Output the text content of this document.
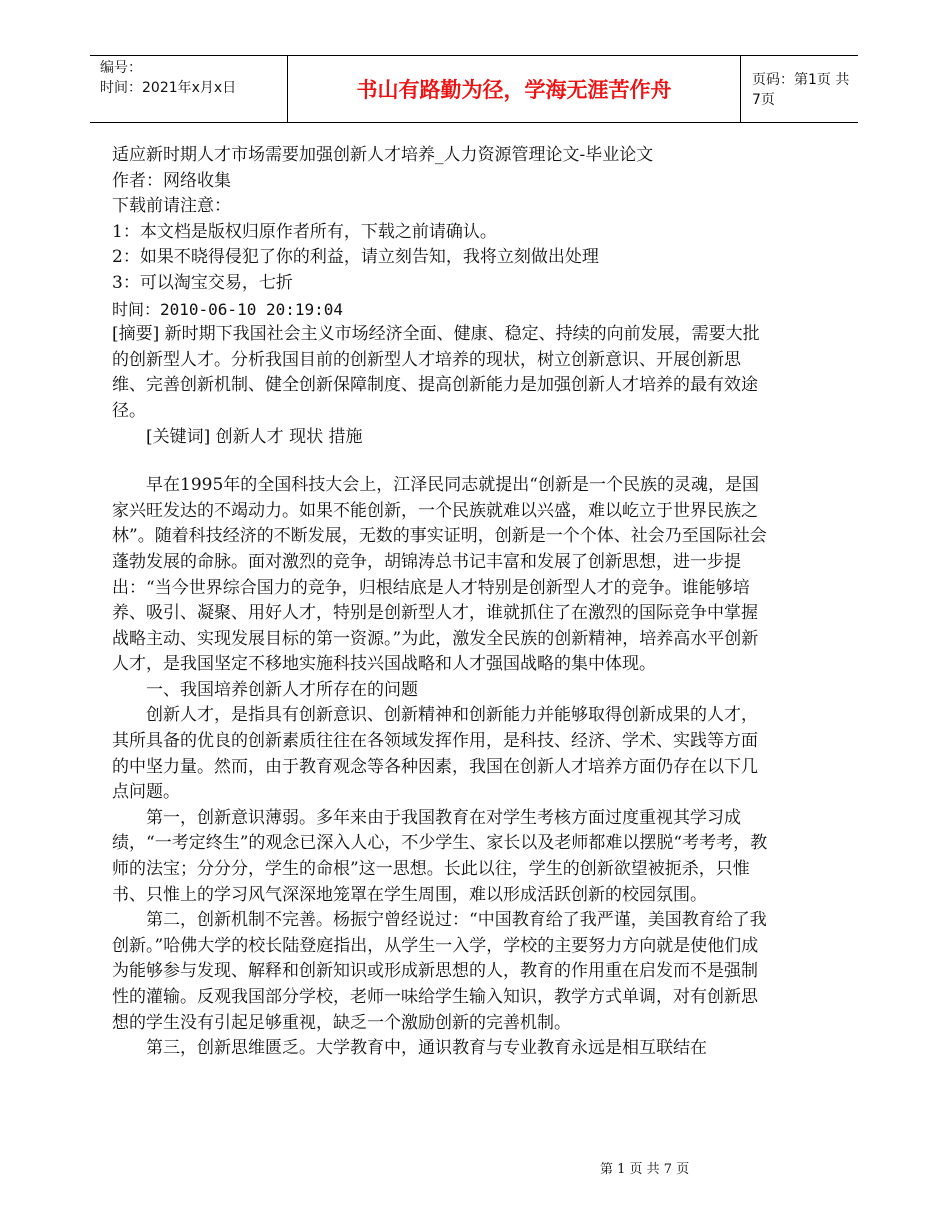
编号：
时间：2021年x月x日	书山有路勤为径，学海无涯苦作舟	页码：第1页 共7页

适应新时期人才市场需要加强创新人才培养_人力资源管理论文-毕业论文

作者：网络收集

下载前请注意：

1：本文档是版权归原作者所有，下载之前请确认。

2：如果不晓得侵犯了你的利益，请立刻告知，我将立刻做出处理

3：可以淘宝交易，七折

时间：2010-06-10 20:19:04

[摘要] 新时期下我国社会主义市场经济全面、健康、稳定、持续的向前发展，需要大批的创新型人才。分析我国目前的创新型人才培养的现状，树立创新意识、开展创新思维、完善创新机制、健全创新保障制度、提高创新能力是加强创新人才培养的最有效途径。

[关键词] 创新人才 现状 措施

早在1995年的全国科技大会上，江泽民同志就提出“创新是一个民族的灵魂，是国家兴旺发达的不竭动力。如果不能创新，一个民族就难以兴盛，难以屹立于世界民族之林”。随着科技经济的不断发展，无数的事实证明，创新是一个个体、社会乃至国际社会蓬勃发展的命脉。面对激烈的竞争，胡锦涛总书记丰富和发展了创新思想，进一步提出：“当今世界综合国力的竞争，归根结底是人才特别是创新型人才的竞争。谁能够培养、吸引、凝聚、用好人才，特别是创新型人才，谁就抓住了在激烈的国际竞争中掌握战略主动、实现发展目标的第一资源。”为此，激发全民族的创新精神，培养高水平创新人才，是我国坚定不移地实施科技兴国战略和人才强国战略的集中体现。

一、我国培养创新人才所存在的问题

创新人才，是指具有创新意识、创新精神和创新能力并能够取得创新成果的人才，其所具备的优良的创新素质往往在各领域发挥作用，是科技、经济、学术、实践等方面的中坚力量。然而，由于教育观念等各种因素，我国在创新人才培养方面仍存在以下几点问题。

第一，创新意识薄弱。多年来由于我国教育在对学生考核方面过度重视其学习成绩，“一考定终生”的观念已深入人心，不少学生、家长以及老师都难以摆脱“考考考，教师的法宝；分分分，学生的命根”这一思想。长此以往，学生的创新欲望被扼杀，只惟书、只惟上的学习风气深深地笼罩在学生周围，难以形成活跃创新的校园氛围。

第二，创新机制不完善。杨振宁曾经说过：“中国教育给了我严谨，美国教育给了我创新。”哈佛大学的校长陆登庭指出，从学生一入学，学校的主要努力方向就是使他们成为能够参与发现、解释和创新知识或形成新思想的人，教育的作用重在启发而不是强制性的灌输。反观我国部分学校，老师一味给学生输入知识，教学方式单调，对有创新思想的学生没有引起足够重视，缺乏一个激励创新的完善机制。

第三，创新思维匮乏。大学教育中，通识教育与专业教育永远是相互联结在

第 1 页 共 7 页
